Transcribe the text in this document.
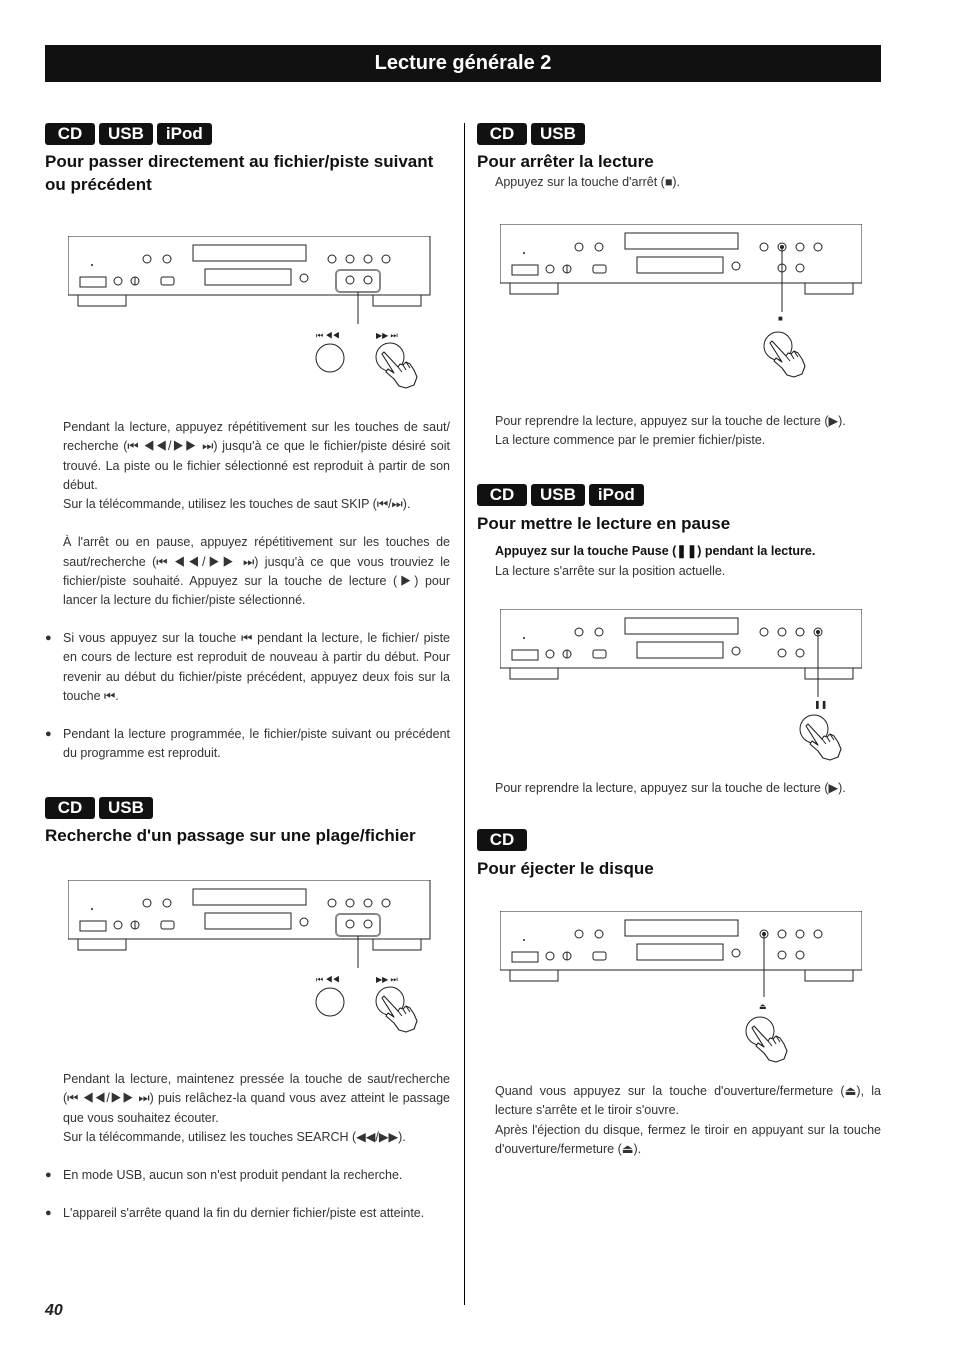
Lecture générale 2
CD	USB	iPod
Pour passer directement au fichier/piste suivant ou précédent
⏮ ◀◀	▶▶ ⏭

Pendant la lecture, appuyez répétitivement sur les touches de saut/ recherche (⏮ ◀◀/▶▶ ⏭) jusqu'à ce que le fichier/piste désiré soit trouvé. La piste ou le fichier sélectionné est reproduit à partir de son début.

Sur la télécommande, utilisez les touches de saut SKIP (⏮/⏭).

À l'arrêt ou en pause, appuyez répétitivement sur les touches de saut/recherche (⏮ ◀◀/▶▶ ⏭) jusqu'à ce que vous trouviez le fichier/piste souhaité. Appuyez sur la touche de lecture (▶) pour lancer la lecture du fichier/piste sélectionné.

● Si vous appuyez sur la touche ⏮ pendant la lecture, le fichier/ piste en cours de lecture est reproduit de nouveau à partir du début. Pour revenir au début du fichier/piste précédent, appuyez deux fois sur la touche ⏮.
● Pendant la lecture programmée, le fichier/piste suivant ou précédent du programme est reproduit.
CD	USB
Recherche d'un passage sur une plage/fichier
⏮ ◀◀	▶▶ ⏭

Pendant la lecture, maintenez pressée la touche de saut/recherche (⏮ ◀◀/▶▶ ⏭) puis relâchez-la quand vous avez atteint le passage que vous souhaitez écouter.

Sur la télécommande, utilisez les touches SEARCH (◀◀/▶▶).

● En mode USB, aucun son n'est produit pendant la recherche.
● L'appareil s'arrête quand la fin du dernier fichier/piste est atteinte.
CD	USB
Pour arrêter la lecture
Appuyez sur la touche d'arrêt (■).
■

Pour reprendre la lecture, appuyez sur la touche de lecture (▶).

La lecture commence par le premier fichier/piste.

CD	USB	iPod
Pour mettre le lecture en pause
Appuyez sur la touche Pause (❚❚) pendant la lecture.
La lecture s'arrête sur la position actuelle.
❚❚

Pour reprendre la lecture, appuyez sur la touche de lecture (▶).

CD
Pour éjecter le disque
⏏

Quand vous appuyez sur la touche d'ouverture/fermeture (⏏), la lecture s'arrête et le tiroir s'ouvre.

Après l'éjection du disque, fermez le tiroir en appuyant sur la touche d'ouverture/fermeture (⏏).

40
